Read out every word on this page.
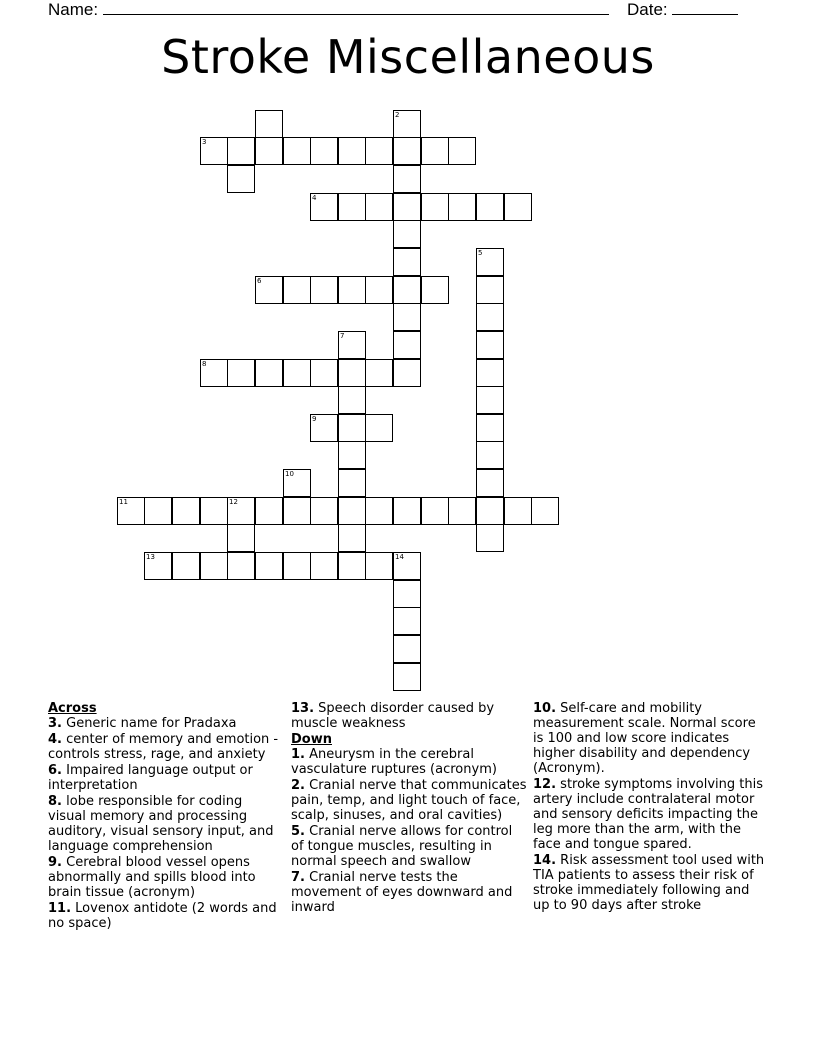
Name:	Date:
Stroke Miscellaneous
2
3
4
5
6
7
8
9
10
11	12
13	14
Across
3. Generic name for Pradaxa
4. center of memory and emotion - controls stress, rage, and anxiety
6. Impaired language output or interpretation
8. lobe responsible for coding visual memory and processing auditory, visual sensory input, and language comprehension
9. Cerebral blood vessel opens abnormally and spills blood into brain tissue (acronym)
11. Lovenox antidote (2 words and no space)
13. Speech disorder caused by muscle weakness
Down
1. Aneurysm in the cerebral vasculature ruptures (acronym)
2. Cranial nerve that communicates pain, temp, and light touch of face, scalp, sinuses, and oral cavities)
5. Cranial nerve allows for control of tongue muscles, resulting in normal speech and swallow
7. Cranial nerve tests the movement of eyes downward and inward
10. Self-care and mobility measurement scale. Normal score is 100 and low score indicates higher disability and dependency (Acronym).
12. stroke symptoms involving this artery include contralateral motor and sensory deficits impacting the leg more than the arm, with the face and tongue spared.
14. Risk assessment tool used with TIA patients to assess their risk of stroke immediately following and up to 90 days after stroke
